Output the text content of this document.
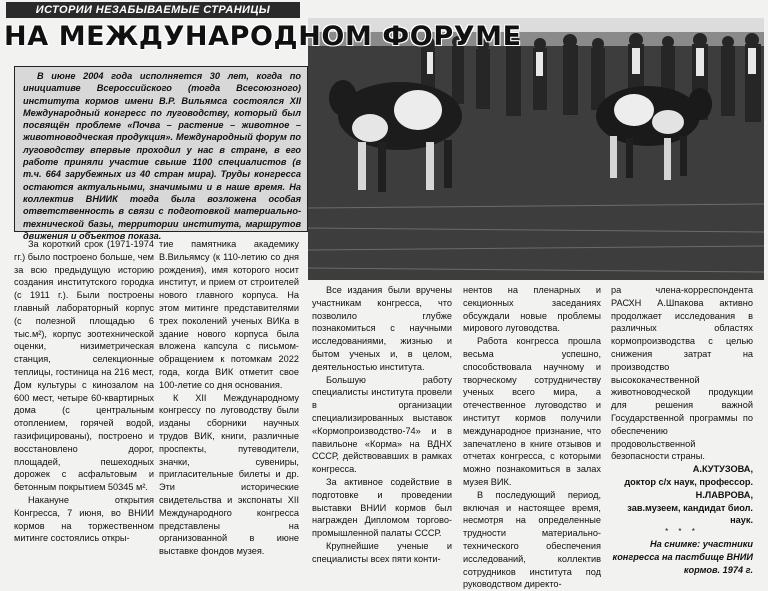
ИСТОРИИ НЕЗАБЫВАЕМЫЕ СТРАНИЦЫ
НА МЕЖДУНАРОДНОМ ФОРУМЕ

В июне 2004 года исполняется 30 лет, когда по инициативе Всероссийского (тогда Всесоюзного) института кормов имени В.Р. Вильямса состоялся XII Международный конгресс по луговодству, который был посвящён проблеме «Почва – растение – животное – животноводческая продукция». Международный форум по луговодству впервые проходил у нас в стране, в его работе приняли участие свыше 1100 специалистов (в т.ч. 664 зарубежных из 40 стран мира). Труды конгресса остаются актуальными, значимыми и в наше время. На коллектив ВНИИК тогда была возложена особая ответственность в связи с подготовкой материально-технической базы, территории института, маршрутов движения и объектов показа.

За короткий срок (1971-1974 гг.) было построено больше, чем за всю предыдущую историю создания институтского городка (с 1911 г.). Были построены главный лабораторный корпус (с полезной площадью 6 тыс.м²), корпус зоотехнической оценки, низиметрическая станция, селекционные теплицы, гостиница на 216 мест, Дом культуры с кинозалом на 600 мест, четыре 60-квартирных дома (с центральным отоплением, горячей водой, газифицированы), построено и восстановлено дорог, площадей, пешеходных дорожек с асфальтовым и бетонным покрытием 50345 м².

Накануне открытия Конгресса, 7 июня, во ВНИИ кормов на торжественном митинге состоялись откры-

тие памятника академику В.Вильямсу (к 110-летию со дня рождения), имя которого носит институт, и прием от строителей нового главного корпуса. На этом митинге представителями трех поколений ученых ВИКа в здание нового корпуса была вложена капсула с письмом-обращением к потомкам 2022 года, когда ВИК отметит свое 100-летие со дня основания.

К XII Международному конгрессу по луговодству были изданы сборники научных трудов ВИК, книги, различные проспекты, путеводители, значки, сувениры, пригласительные билеты и др. Эти исторические свидетельства и экспонаты XII Международного конгресса представлены на организованной в июне выставке фондов музея.

Все издания были вручены участникам конгресса, что позволило глубже познакомиться с научными исследованиями, жизнью и бытом ученых и, в целом, деятельностью института.

Большую работу специалисты института провели в организации специализированных выставок «Кормопроизводство-74» и в павильоне «Корма» на ВДНХ СССР, действовавших в рамках конгресса.

За активное содействие в подготовке и проведении выставки ВНИИ кормов был награжден Дипломом торгово-промышленной палаты СССР.

Крупнейшие ученые и специалисты всех пяти конти-

нентов на пленарных и секционных заседаниях обсуждали новые проблемы мирового луговодства.

Работа конгресса прошла весьма успешно, способствовала научному и творческому сотрудничеству ученых всего мира, а отечественное луговодство и институт кормов получили международное признание, что запечатлено в книге отзывов и отчетах конгресса, с которыми можно познакомиться в залах музея ВИК.

В последующий период, включая и настоящее время, несмотря на определенные трудности материально-технического обеспечения исследований, коллектив сотрудников института под руководством директо-

ра члена-корреспондента РАСХН А.Шпакова активно продолжает исследования в различных областях кормопроизводства с целью снижения затрат на производство высококачественной животноводческой продукции для решения важной Государственной программы по обеспечению продовольственной безопасности страны.

А.КУТУЗОВА,
доктор с/х наук, профессор.
Н.ЛАВРОВА,
зав.музеем, кандидат биол. наук.
* * *
На снимке: участники конгресса на пастбище ВНИИ кормов. 1974 г.
